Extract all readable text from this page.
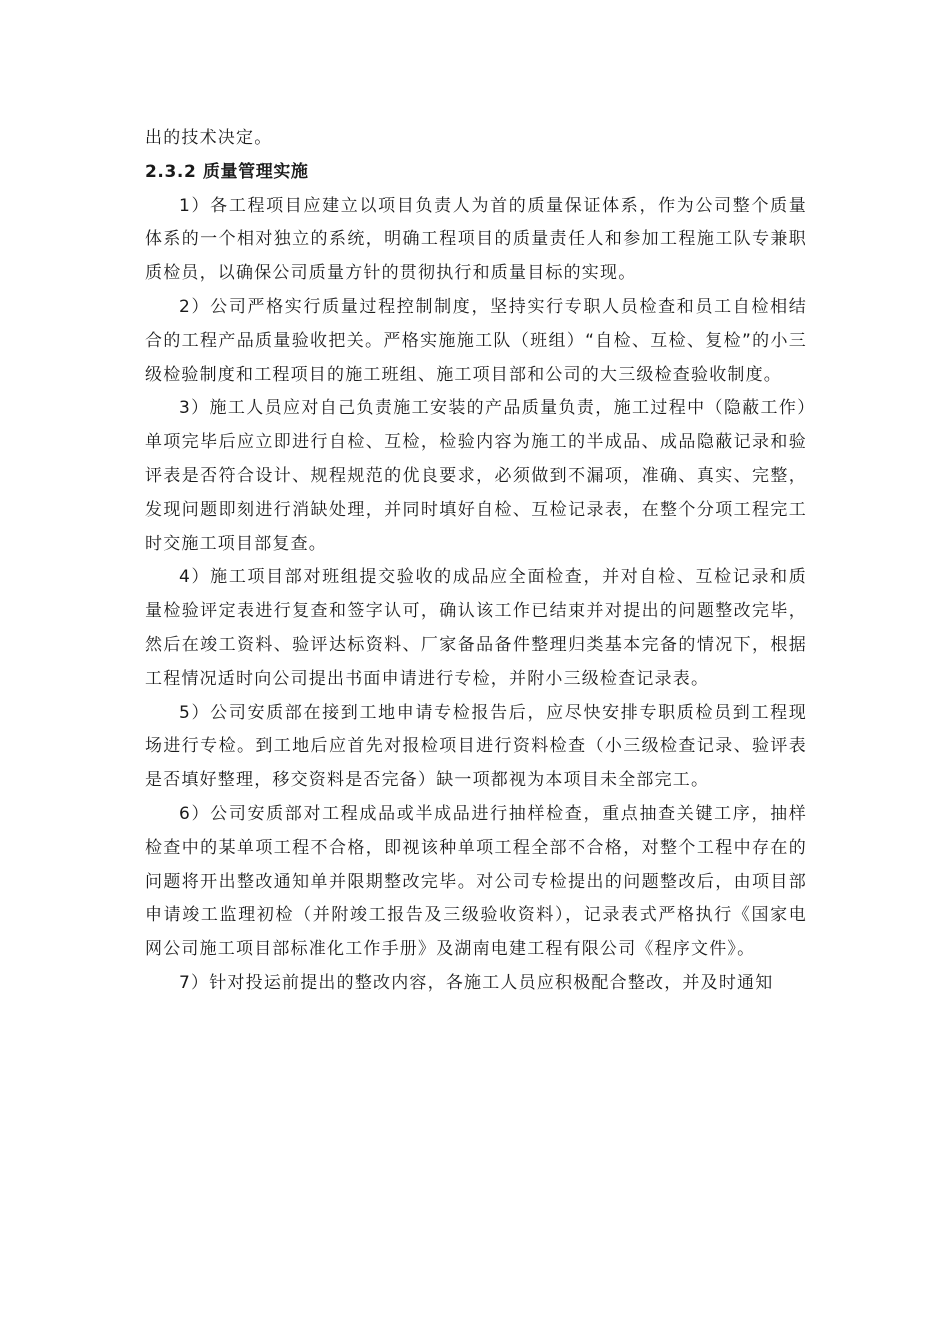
出的技术决定。

2.3.2 质量管理实施

1）各工程项目应建立以项目负责人为首的质量保证体系，作为公司整个质量体系的一个相对独立的系统，明确工程项目的质量责任人和参加工程施工队专兼职质检员，以确保公司质量方针的贯彻执行和质量目标的实现。

2）公司严格实行质量过程控制制度，坚持实行专职人员检查和员工自检相结合的工程产品质量验收把关。严格实施施工队（班组）“自检、互检、复检”的小三级检验制度和工程项目的施工班组、施工项目部和公司的大三级检查验收制度。

3）施工人员应对自己负责施工安装的产品质量负责，施工过程中（隐蔽工作）单项完毕后应立即进行自检、互检，检验内容为施工的半成品、成品隐蔽记录和验评表是否符合设计、规程规范的优良要求，必须做到不漏项，准确、真实、完整，发现问题即刻进行消缺处理，并同时填好自检、互检记录表，在整个分项工程完工时交施工项目部复查。

4）施工项目部对班组提交验收的成品应全面检查，并对自检、互检记录和质量检验评定表进行复查和签字认可，确认该工作已结束并对提出的问题整改完毕，然后在竣工资料、验评达标资料、厂家备品备件整理归类基本完备的情况下，根据工程情况适时向公司提出书面申请进行专检，并附小三级检查记录表。

5）公司安质部在接到工地申请专检报告后，应尽快安排专职质检员到工程现场进行专检。到工地后应首先对报检项目进行资料检查（小三级检查记录、验评表是否填好整理，移交资料是否完备）缺一项都视为本项目未全部完工。

6）公司安质部对工程成品或半成品进行抽样检查，重点抽查关键工序，抽样检查中的某单项工程不合格，即视该种单项工程全部不合格，对整个工程中存在的问题将开出整改通知单并限期整改完毕。对公司专检提出的问题整改后，由项目部申请竣工监理初检（并附竣工报告及三级验收资料），记录表式严格执行《国家电网公司施工项目部标准化工作手册》及湖南电建工程有限公司《程序文件》。

7）针对投运前提出的整改内容，各施工人员应积极配合整改，并及时通知
